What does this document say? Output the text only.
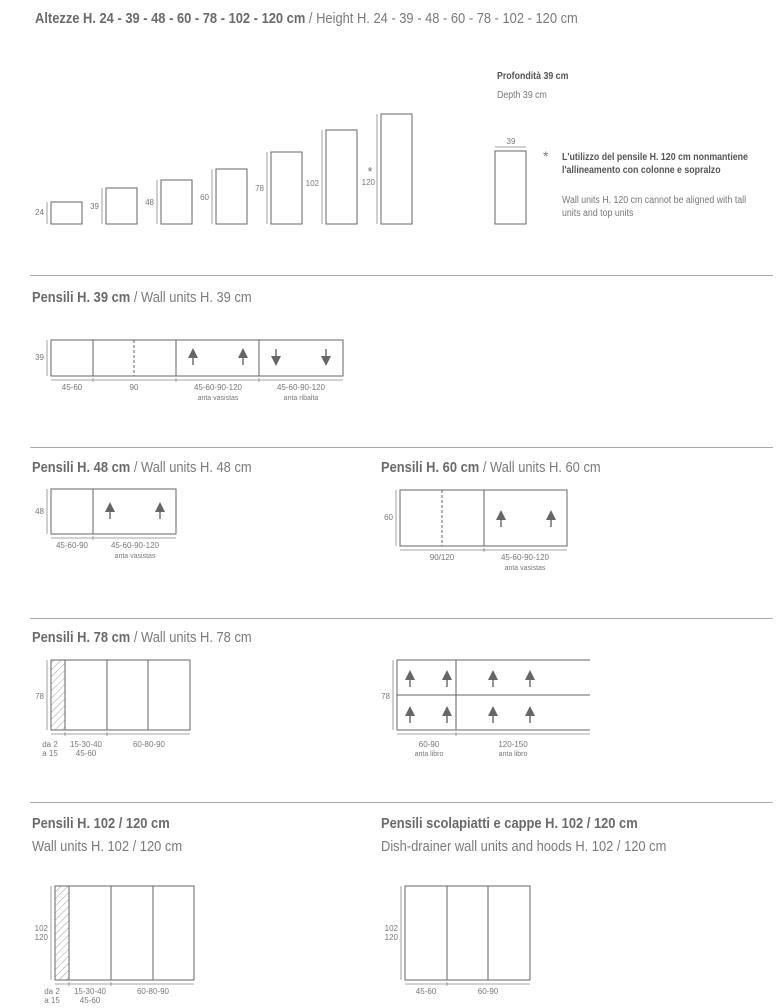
Altezze H. 24 - 39 - 48 - 60 - 78 - 102 - 120 cm / Height H. 24 - 39 - 48 - 60 - 78 - 102 - 120 cm
24
39	48
60
78
102	120
*
Profondità 39 cm
Depth 39 cm
39
* L'utilizzo del pensile H. 120 cm nonmantiene l'allineamento con colonne e sopralzo
Wall units H. 120 cm cannot be aligned with tall units and top units
Pensili H. 39 cm / Wall units H. 39 cm
39
45-60	90	45-60-90-120
anta vasistas
45-60-90-120
anta ribalta
Pensili H. 48 cm / Wall units H. 48 cm
48
45-60-90	45-60-90-120
anta vasistas
Pensili H. 60 cm / Wall units H. 60 cm
60
90/120	45-60-90-120
anta vasistas
Pensili H. 78 cm / Wall units H. 78 cm
78
da 2
a 15
15-30-40
45-60
60-80-90
78
60-90
anta libro
120-150
anta libro
Pensili H. 102 / 120 cm
Wall units H. 102 / 120 cm
102
120
da 2
a 15
15-30-40
45-60
60-80-90
Pensili scolapiatti e cappe H. 102 / 120 cm
Dish-drainer wall units and hoods H. 102 / 120 cm
102
120
45-60	60-90
